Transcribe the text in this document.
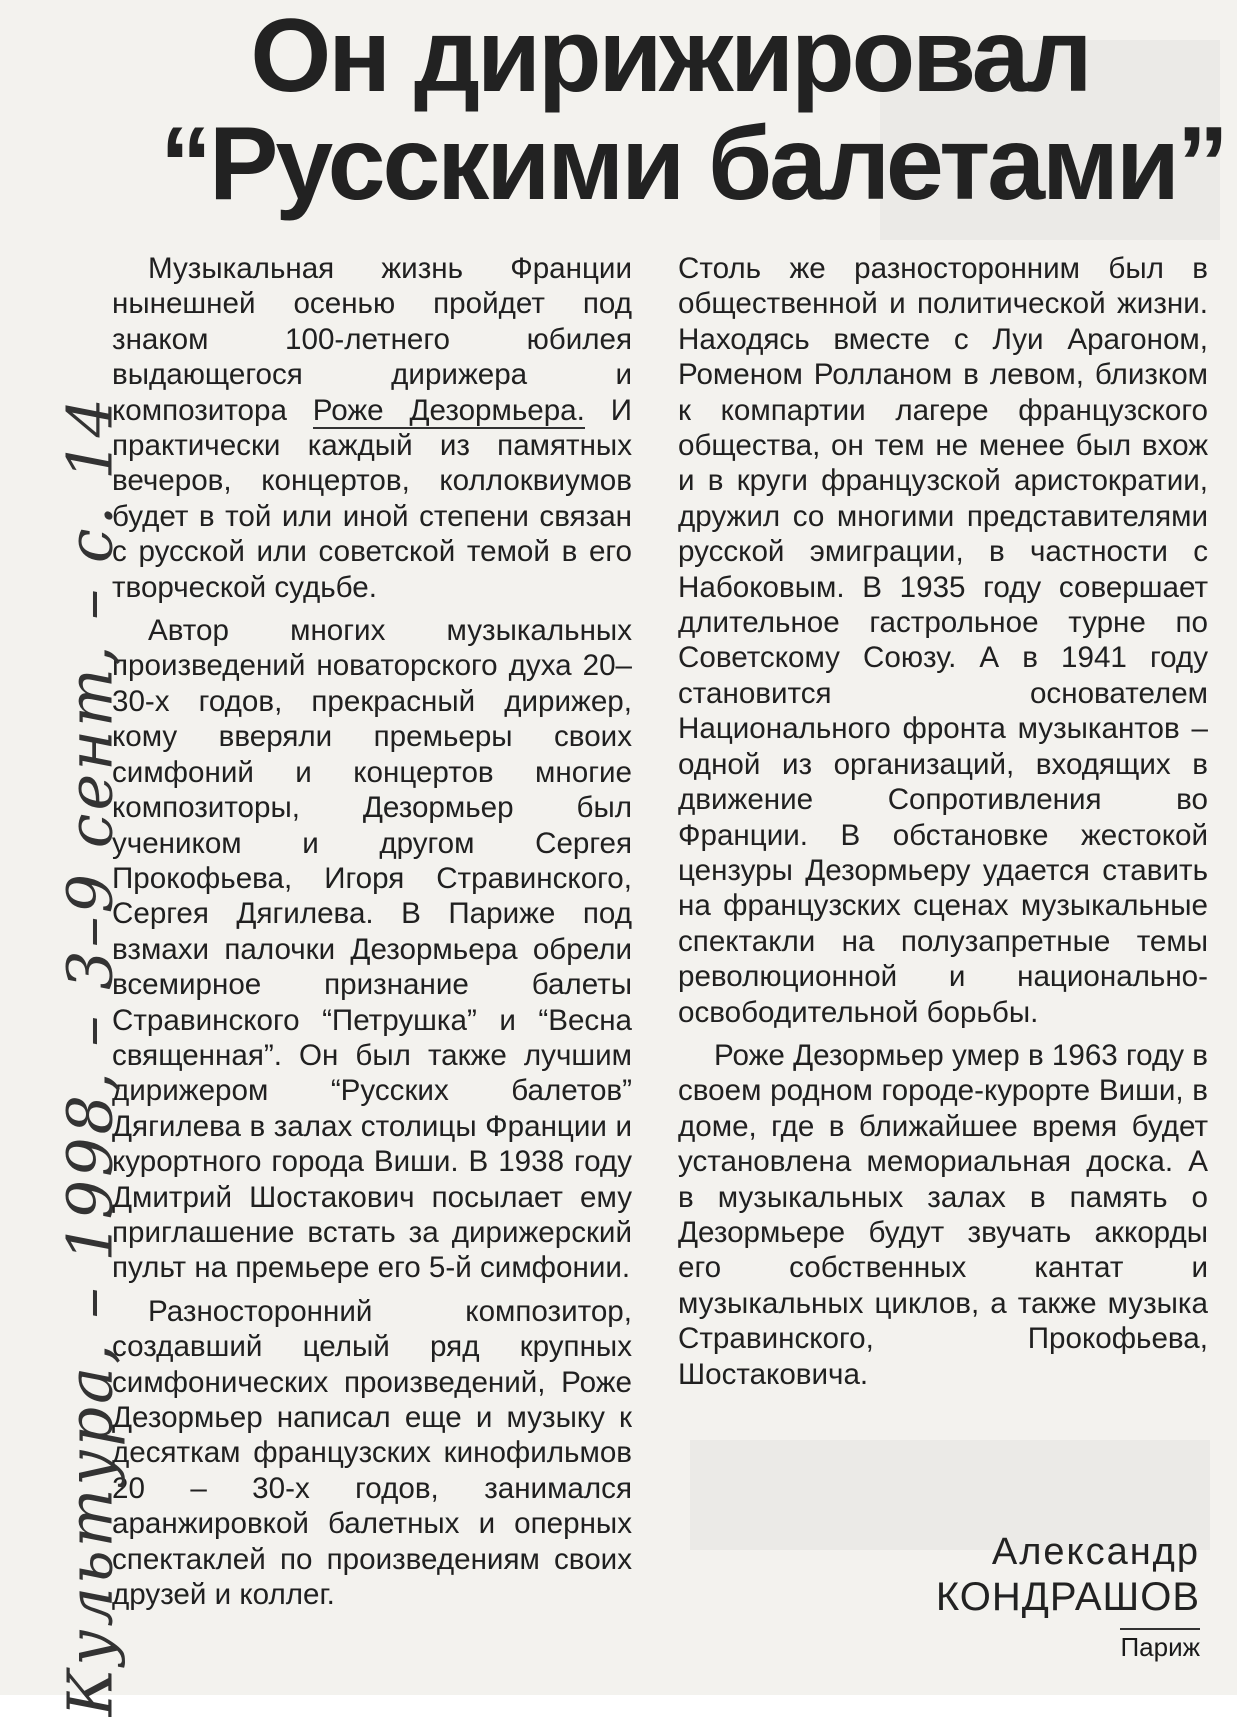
Он дирижировал
“Русскими балетами”

Музыкальная жизнь Франции нынешней осенью пройдет под знаком 100-летнего юбилея выдающегося дирижера и композитора Роже Дезормьера. И практически каждый из памятных вечеров, концертов, коллоквиумов будет в той или иной степени связан с русской или советской темой в его творческой судьбе.

Автор многих музыкальных произведений новаторского духа 20–30-х годов, прекрасный дирижер, кому вверяли премьеры своих симфоний и концертов многие композиторы, Дезормьер был учеником и другом Сергея Прокофьева, Игоря Стравинского, Сергея Дягилева. В Париже под взмахи палочки Дезормьера обрели всемирное признание балеты Стравинского “Петрушка” и “Весна священная”. Он был также лучшим дирижером “Русских балетов” Дягилева в залах столицы Франции и курортного города Виши. В 1938 году Дмитрий Шостакович посылает ему приглашение встать за дирижерский пульт на премьере его 5-й симфонии.

Разносторонний композитор, создавший целый ряд крупных симфонических произведений, Роже Дезормьер написал еще и музыку к десяткам французских кинофильмов 20 – 30-х годов, занимался аранжировкой балетных и оперных спектаклей по произведениям своих друзей и коллег.

Столь же разносторонним был в общественной и политической жизни. Находясь вместе с Луи Арагоном, Роменом Ролланом в левом, близком к компартии лагере французского общества, он тем не менее был вхож и в круги французской аристократии, дружил со многими представителями русской эмиграции, в частности с Набоковым. В 1935 году совершает длительное гастрольное турне по Советскому Союзу. А в 1941 году становится основателем Национального фронта музыкантов – одной из организаций, входящих в движение Сопротивления во Франции. В обстановке жестокой цензуры Дезормьеру удается ставить на французских сценах музыкальные спектакли на полузапретные темы революционной и национально-освободительной борьбы.

Роже Дезормьер умер в 1963 году в своем родном городе-курорте Виши, в доме, где в ближайшее время будет установлена мемориальная доска. А в музыкальных залах в память о Дезормьере будут звучать аккорды его собственных кантат и музыкальных циклов, а также музыка Стравинского, Прокофьева, Шостаковича.

Александр
КОНДРАШОВ
Париж
Культура, – 1998, – 3–9 сент, – с. 14
